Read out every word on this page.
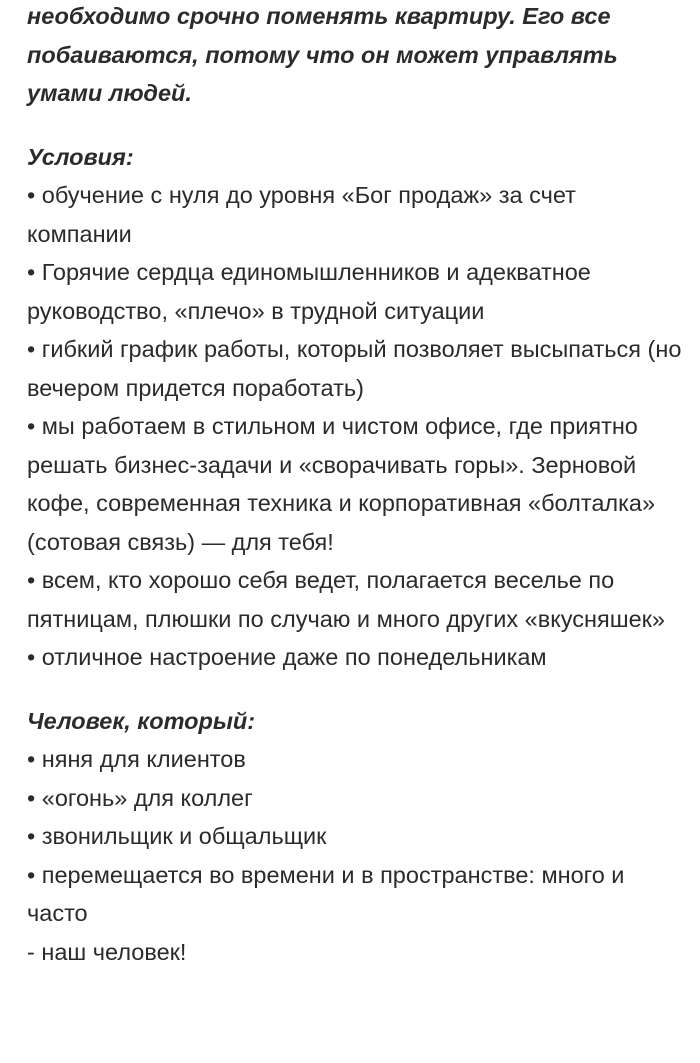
необходимо срочно поменять квартиру. Его все побаиваются, потому что он может управлять умами людей.

Условия:

• обучение с нуля до уровня «Бог продаж» за счет компании
• Горячие сердца единомышленников и адекватное руководство, «плечо» в трудной ситуации
• гибкий график работы, который позволяет высыпаться (но вечером придется поработать)
• мы работаем в стильном и чистом офисе, где приятно решать бизнес-задачи и «сворачивать горы». Зерновой кофе, современная техника и корпоративная «болталка» (сотовая связь) — для тебя!
• всем, кто хорошо себя ведет, полагается веселье по пятницам, плюшки по случаю и много других «вкусняшек»
• отличное настроение даже по понедельникам

Человек, который:

• няня для клиентов
• «огонь» для коллег
• звонильщик и общальщик
• перемещается во времени и в пространстве: много и часто
- наш человек!
